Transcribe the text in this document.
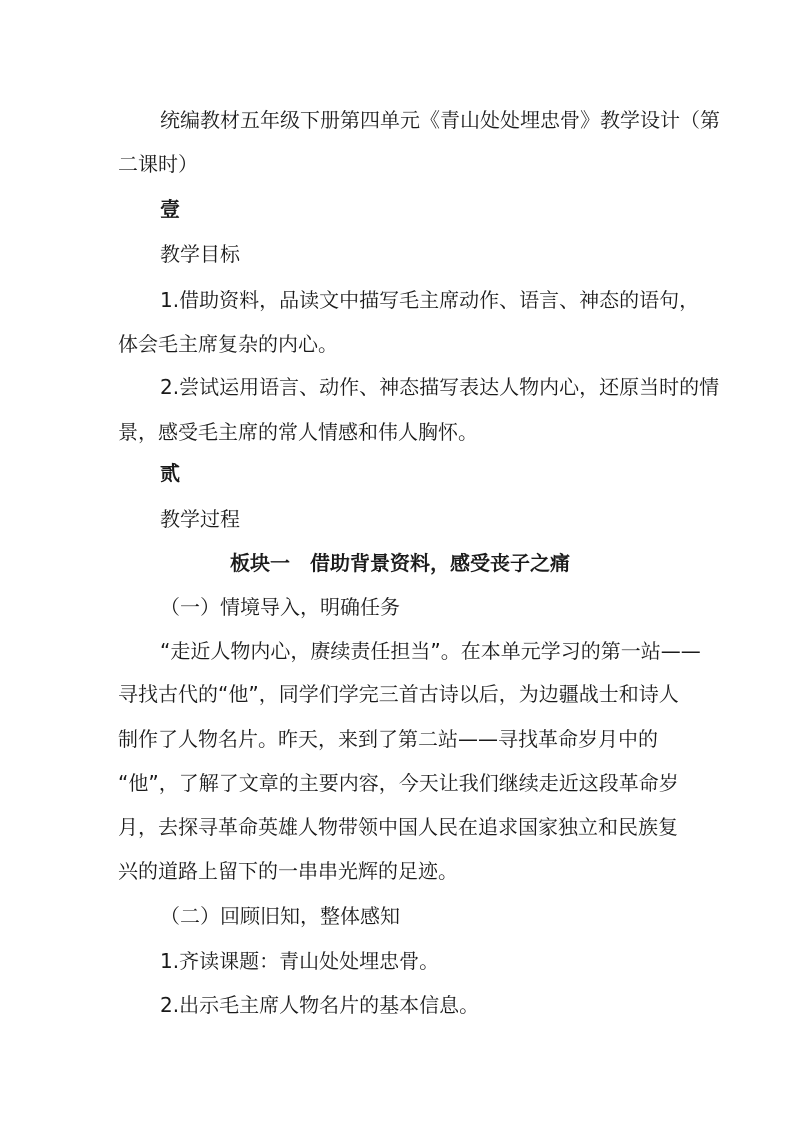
统编教材五年级下册第四单元《青山处处埋忠骨》教学设计（第

二课时）

壹

教学目标

1.借助资料，品读文中描写毛主席动作、语言、神态的语句，

体会毛主席复杂的内心。

2.尝试运用语言、动作、神态描写表达人物内心，还原当时的情

景，感受毛主席的常人情感和伟人胸怀。

贰

教学过程

板块一　借助背景资料，感受丧子之痛

（一）情境导入，明确任务

“走近人物内心，赓续责任担当”。在本单元学习的第一站——

寻找古代的“他”，同学们学完三首古诗以后，为边疆战士和诗人

制作了人物名片。昨天，来到了第二站——寻找革命岁月中的

“他”，了解了文章的主要内容，今天让我们继续走近这段革命岁

月，去探寻革命英雄人物带领中国人民在追求国家独立和民族复

兴的道路上留下的一串串光辉的足迹。

（二）回顾旧知，整体感知

1.齐读课题：青山处处埋忠骨。

2.出示毛主席人物名片的基本信息。
